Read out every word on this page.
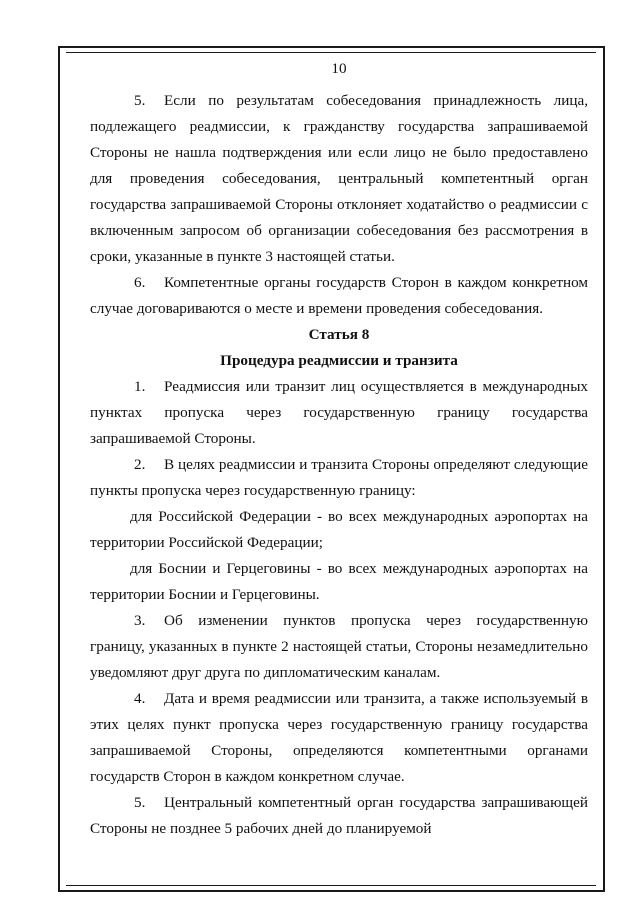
10

5. Если по результатам собеседования принадлежность лица, подлежащего реадмиссии, к гражданству государства запрашиваемой Стороны не нашла подтверждения или если лицо не было предоставлено для проведения собеседования, центральный компетентный орган государства запрашиваемой Стороны отклоняет ходатайство о реадмиссии с включенным запросом об организации собеседования без рассмотрения в сроки, указанные в пункте 3 настоящей статьи.

6. Компетентные органы государств Сторон в каждом конкретном случае договариваются о месте и времени проведения собеседования.

Статья 8

Процедура реадмиссии и транзита

1. Реадмиссия или транзит лиц осуществляется в международных пунктах пропуска через государственную границу государства запрашиваемой Стороны.

2. В целях реадмиссии и транзита Стороны определяют следующие пункты пропуска через государственную границу:

для Российской Федерации - во всех международных аэропортах на территории Российской Федерации;

для Боснии и Герцеговины - во всех международных аэропортах на территории Боснии и Герцеговины.

3. Об изменении пунктов пропуска через государственную границу, указанных в пункте 2 настоящей статьи, Стороны незамедлительно уведомляют друг друга по дипломатическим каналам.

4. Дата и время реадмиссии или транзита, а также используемый в этих целях пункт пропуска через государственную границу государства запрашиваемой Стороны, определяются компетентными органами государств Сторон в каждом конкретном случае.

5. Центральный компетентный орган государства запрашивающей Стороны не позднее 5 рабочих дней до планируемой
